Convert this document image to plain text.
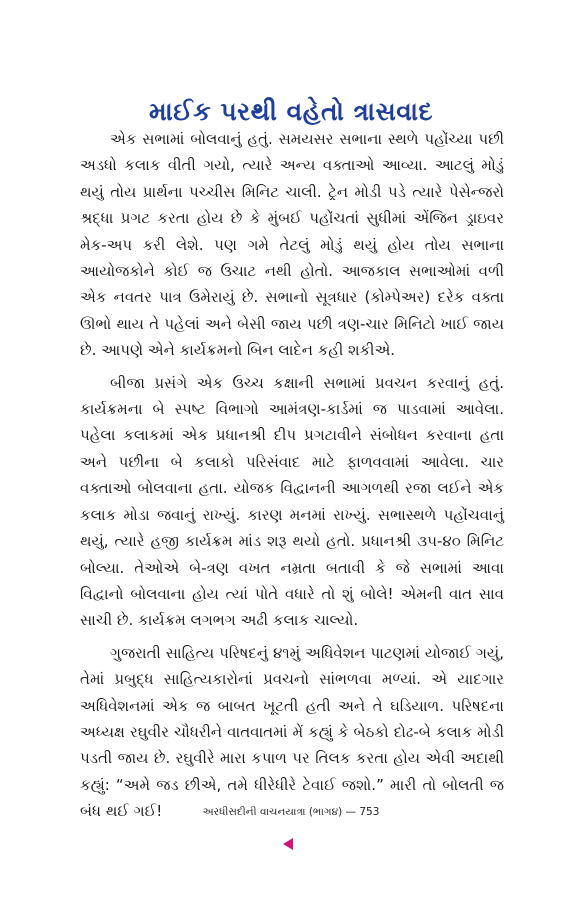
માઈક પરથી વહેતો ત્રાસવાદ

એક સભામાં બોલવાનું હતું. સમયસર સભાના સ્થળે પહોંચ્યા પછી અડધો કલાક વીતી ગયો, ત્યારે અન્ય વક્તાઓ આવ્યા. આટલું મોડું થયું તોય પ્રાર્થના પચ્ચીસ મિનિટ ચાલી. ટ્રેન મોડી પડે ત્યારે પેસેન્જરો શ્રદ્ધા પ્રગટ કરતા હોય છે કે મુંબઈ પહોંચતાં સુધીમાં એંજિન ડ્રાઇવર મેક-અપ કરી લેશે. પણ ગમે તેટલું મોડું થયું હોય તોય સભાના આયોજકોને કોઈ જ ઉચાટ નથી હોતો. આજકાલ સભાઓમાં વળી એક નવતર પાત્ર ઉમેરાયું છે. સભાનો સૂત્રધાર (કોમ્પેઅર) દરેક વક્તા ઊભો થાય તે પહેલાં અને બેસી જાય પછી ત્રણ-ચાર મિનિટો ખાઈ જાય છે. આપણે એને કાર્યક્રમનો બિન લાદેન કહી શકીએ.

બીજા પ્રસંગે એક ઉચ્ચ કક્ષાની સભામાં પ્રવચન કરવાનું હતું. કાર્યક્રમના બે સ્પષ્ટ વિભાગો આમંત્રણ-કાર્ડમાં જ પાડવામાં આવેલા. પહેલા કલાકમાં એક પ્રધાનશ્રી દીપ પ્રગટાવીને સંબોધન કરવાના હતા અને પછીના બે કલાકો પરિસંવાદ માટે ફાળવવામાં આવેલા. ચાર વક્તાઓ બોલવાના હતા. યોજક વિદ્વાનની આગળથી રજા લઈને એક કલાક મોડા જવાનું રાખ્યું. કારણ મનમાં રાખ્યું. સભાસ્થળે પહોંચવાનું થયું, ત્યારે હજી કાર્યક્રમ માંડ શરૂ થયો હતો. પ્રધાનશ્રી ૩૫-૪૦ મિનિટ બોલ્યા. તેઓએ બે-ત્રણ વખત નમ્રતા બતાવી કે જે સભામાં આવા વિદ્વાનો બોલવાના હોય ત્યાં પોતે વધારે તો શું બોલે! એમની વાત સાવ સાચી છે. કાર્યક્રમ લગભગ અઢી કલાક ચાલ્યો.

ગુજરાતી સાહિત્ય પરિષદનું ૪૧મું અધિવેશન પાટણમાં યોજાઈ ગયું, તેમાં પ્રબુદ્ધ સાહિત્યકારોનાં પ્રવચનો સાંભળવા મળ્યાં. એ યાદગાર અધિવેશનમાં એક જ બાબત ખૂટતી હતી અને તે ઘડિયાળ. પરિષદના અધ્યક્ષ રઘુવીર ચૌધરીને વાતવાતમાં મેં કહ્યું કે બેઠકો દોઢ-બે કલાક મોડી પડતી જાય છે. રઘુવીરે મારા કપાળ પર તિલક કરતા હોય એવી અદાથી કહ્યું: “અમે જડ છીએ, તમે ધીરેધીરે ટેવાઈ જશો.” મારી તો બોલતી જ બંધ થઈ ગઈ!	અરધીસદીની વાચનયાત્રા (ભાગ૪) — 753
